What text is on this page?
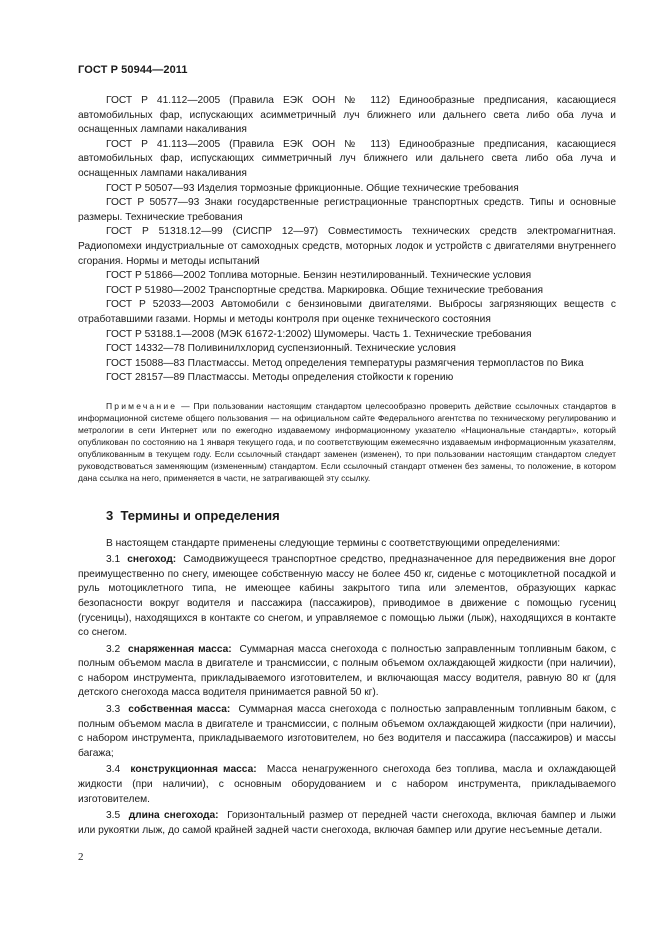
ГОСТ Р 50944—2011

ГОСТ Р 41.112—2005 (Правила ЕЭК ООН № 112) Единообразные предписания, касающиеся автомобильных фар, испускающих асимметричный луч ближнего или дальнего света либо оба луча и оснащенных лампами накаливания

ГОСТ Р 41.113—2005 (Правила ЕЭК ООН № 113) Единообразные предписания, касающиеся автомобильных фар, испускающих симметричный луч ближнего или дальнего света либо оба луча и оснащенных лампами накаливания

ГОСТ Р 50507—93 Изделия тормозные фрикционные. Общие технические требования

ГОСТ Р 50577—93 Знаки государственные регистрационные транспортных средств. Типы и основные размеры. Технические требования

ГОСТ Р 51318.12—99 (СИСПР 12—97) Совместимость технических средств электромагнитная. Радиопомехи индустриальные от самоходных средств, моторных лодок и устройств с двигателями внутреннего сгорания. Нормы и методы испытаний

ГОСТ Р 51866—2002 Топлива моторные. Бензин неэтилированный. Технические условия

ГОСТ Р 51980—2002 Транспортные средства. Маркировка. Общие технические требования

ГОСТ Р 52033—2003 Автомобили с бензиновыми двигателями. Выбросы загрязняющих веществ с отработавшими газами. Нормы и методы контроля при оценке технического состояния

ГОСТ Р 53188.1—2008 (МЭК 61672-1:2002) Шумомеры. Часть 1. Технические требования

ГОСТ 14332—78 Поливинилхлорид суспензионный. Технические условия

ГОСТ 15088—83 Пластмассы. Метод определения температуры размягчения термопластов по Вика

ГОСТ 28157—89 Пластмассы. Методы определения стойкости к горению

Примечание — При пользовании настоящим стандартом целесообразно проверить действие ссылочных стандартов в информационной системе общего пользования — на официальном сайте Федерального агентства по техническому регулированию и метрологии в сети Интернет или по ежегодно издаваемому информационному указателю «Национальные стандарты», который опубликован по состоянию на 1 января текущего года, и по соответствующим ежемесячно издаваемым информационным указателям, опубликованным в текущем году. Если ссылочный стандарт заменен (изменен), то при пользовании настоящим стандартом следует руководствоваться заменяющим (измененным) стандартом. Если ссылочный стандарт отменен без замены, то положение, в котором дана ссылка на него, применяется в части, не затрагивающей эту ссылку.

3 Термины и определения

В настоящем стандарте применены следующие термины с соответствующими определениями:

3.1 снегоход: Самодвижущееся транспортное средство, предназначенное для передвижения вне дорог преимущественно по снегу, имеющее собственную массу не более 450 кг, сиденье с мотоциклетной посадкой и руль мотоциклетного типа, не имеющее кабины закрытого типа или элементов, образующих каркас безопасности вокруг водителя и пассажира (пассажиров), приводимое в движение с помощью гусениц (гусеницы), находящихся в контакте со снегом, и управляемое с помощью лыжи (лыж), находящихся в контакте со снегом.

3.2 снаряженная масса: Суммарная масса снегохода с полностью заправленным топливным баком, с полным объемом масла в двигателе и трансмиссии, с полным объемом охлаждающей жидкости (при наличии), с набором инструмента, прикладываемого изготовителем, и включающая массу водителя, равную 80 кг (для детского снегохода масса водителя принимается равной 50 кг).

3.3 собственная масса: Суммарная масса снегохода с полностью заправленным топливным баком, с полным объемом масла в двигателе и трансмиссии, с полным объемом охлаждающей жидкости (при наличии), с набором инструмента, прикладываемого изготовителем, но без водителя и пассажира (пассажиров) и массы багажа;

3.4 конструкционная масса: Масса ненагруженного снегохода без топлива, масла и охлаждающей жидкости (при наличии), с основным оборудованием и с набором инструмента, прикладываемого изготовителем.

3.5 длина снегохода: Горизонтальный размер от передней части снегохода, включая бампер и лыжи или рукоятки лыж, до самой крайней задней части снегохода, включая бампер или другие несъемные детали.

2
